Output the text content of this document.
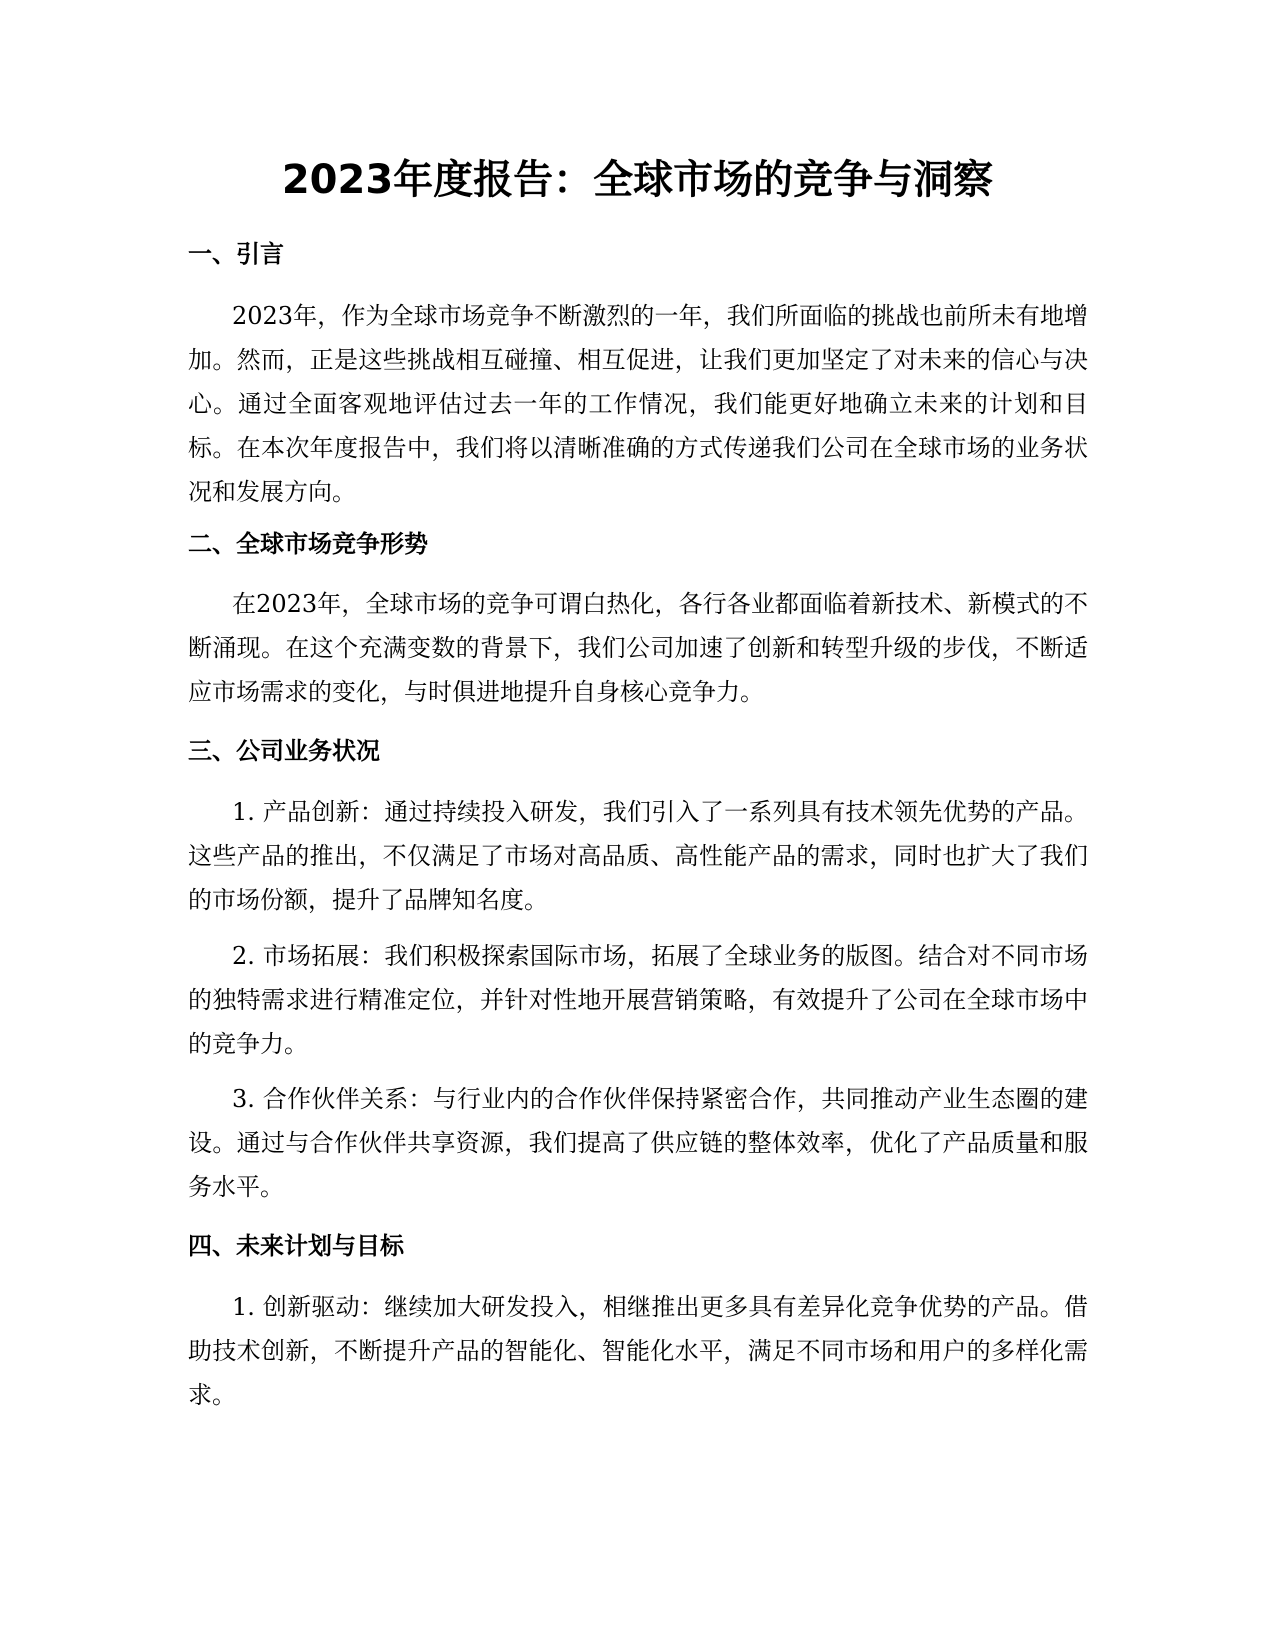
2023年度报告：全球市场的竞争与洞察
一、引言

2023年，作为全球市场竞争不断激烈的一年，我们所面临的挑战也前所未有地增加。然而，正是这些挑战相互碰撞、相互促进，让我们更加坚定了对未来的信心与决心。通过全面客观地评估过去一年的工作情况，我们能更好地确立未来的计划和目标。在本次年度报告中，我们将以清晰准确的方式传递我们公司在全球市场的业务状况和发展方向。

二、全球市场竞争形势

在2023年，全球市场的竞争可谓白热化，各行各业都面临着新技术、新模式的不断涌现。在这个充满变数的背景下，我们公司加速了创新和转型升级的步伐，不断适应市场需求的变化，与时俱进地提升自身核心竞争力。

三、公司业务状况

1. 产品创新：通过持续投入研发，我们引入了一系列具有技术领先优势的产品。这些产品的推出，不仅满足了市场对高品质、高性能产品的需求，同时也扩大了我们的市场份额，提升了品牌知名度。

2. 市场拓展：我们积极探索国际市场，拓展了全球业务的版图。结合对不同市场的独特需求进行精准定位，并针对性地开展营销策略，有效提升了公司在全球市场中的竞争力。

3. 合作伙伴关系：与行业内的合作伙伴保持紧密合作，共同推动产业生态圈的建设。通过与合作伙伴共享资源，我们提高了供应链的整体效率，优化了产品质量和服务水平。

四、未来计划与目标

1. 创新驱动：继续加大研发投入，相继推出更多具有差异化竞争优势的产品。借助技术创新，不断提升产品的智能化、智能化水平，满足不同市场和用户的多样化需求。
